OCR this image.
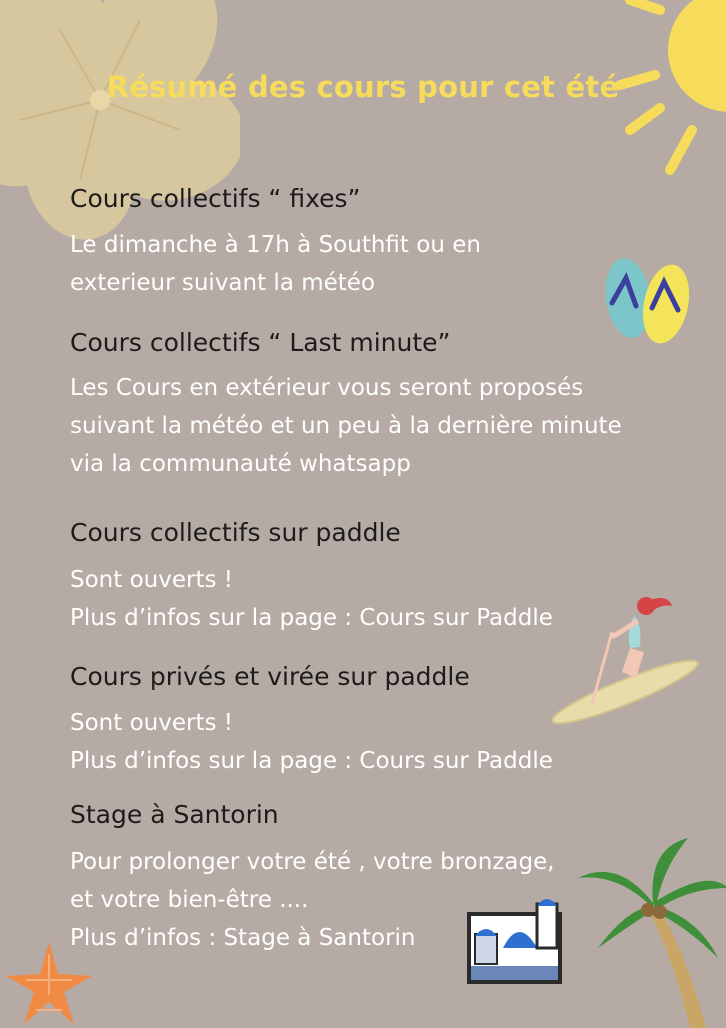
Résumé des cours pour cet été
Cours collectifs “ fixes”
Le dimanche à 17h à Southfit ou en
exterieur suivant la météo
Cours collectifs “ Last minute”
Les Cours en extérieur vous seront proposés
suivant la météo et un peu à la dernière minute
via la communauté whatsapp
Cours collectifs sur paddle
Sont ouverts !
Plus d’infos sur la page : Cours sur Paddle
Cours privés et virée sur paddle
Sont ouverts !
Plus d’infos sur la page : Cours sur Paddle
Stage à Santorin
Pour prolonger votre été , votre bronzage,
et votre bien-être ....
Plus d’infos : Stage à Santorin
